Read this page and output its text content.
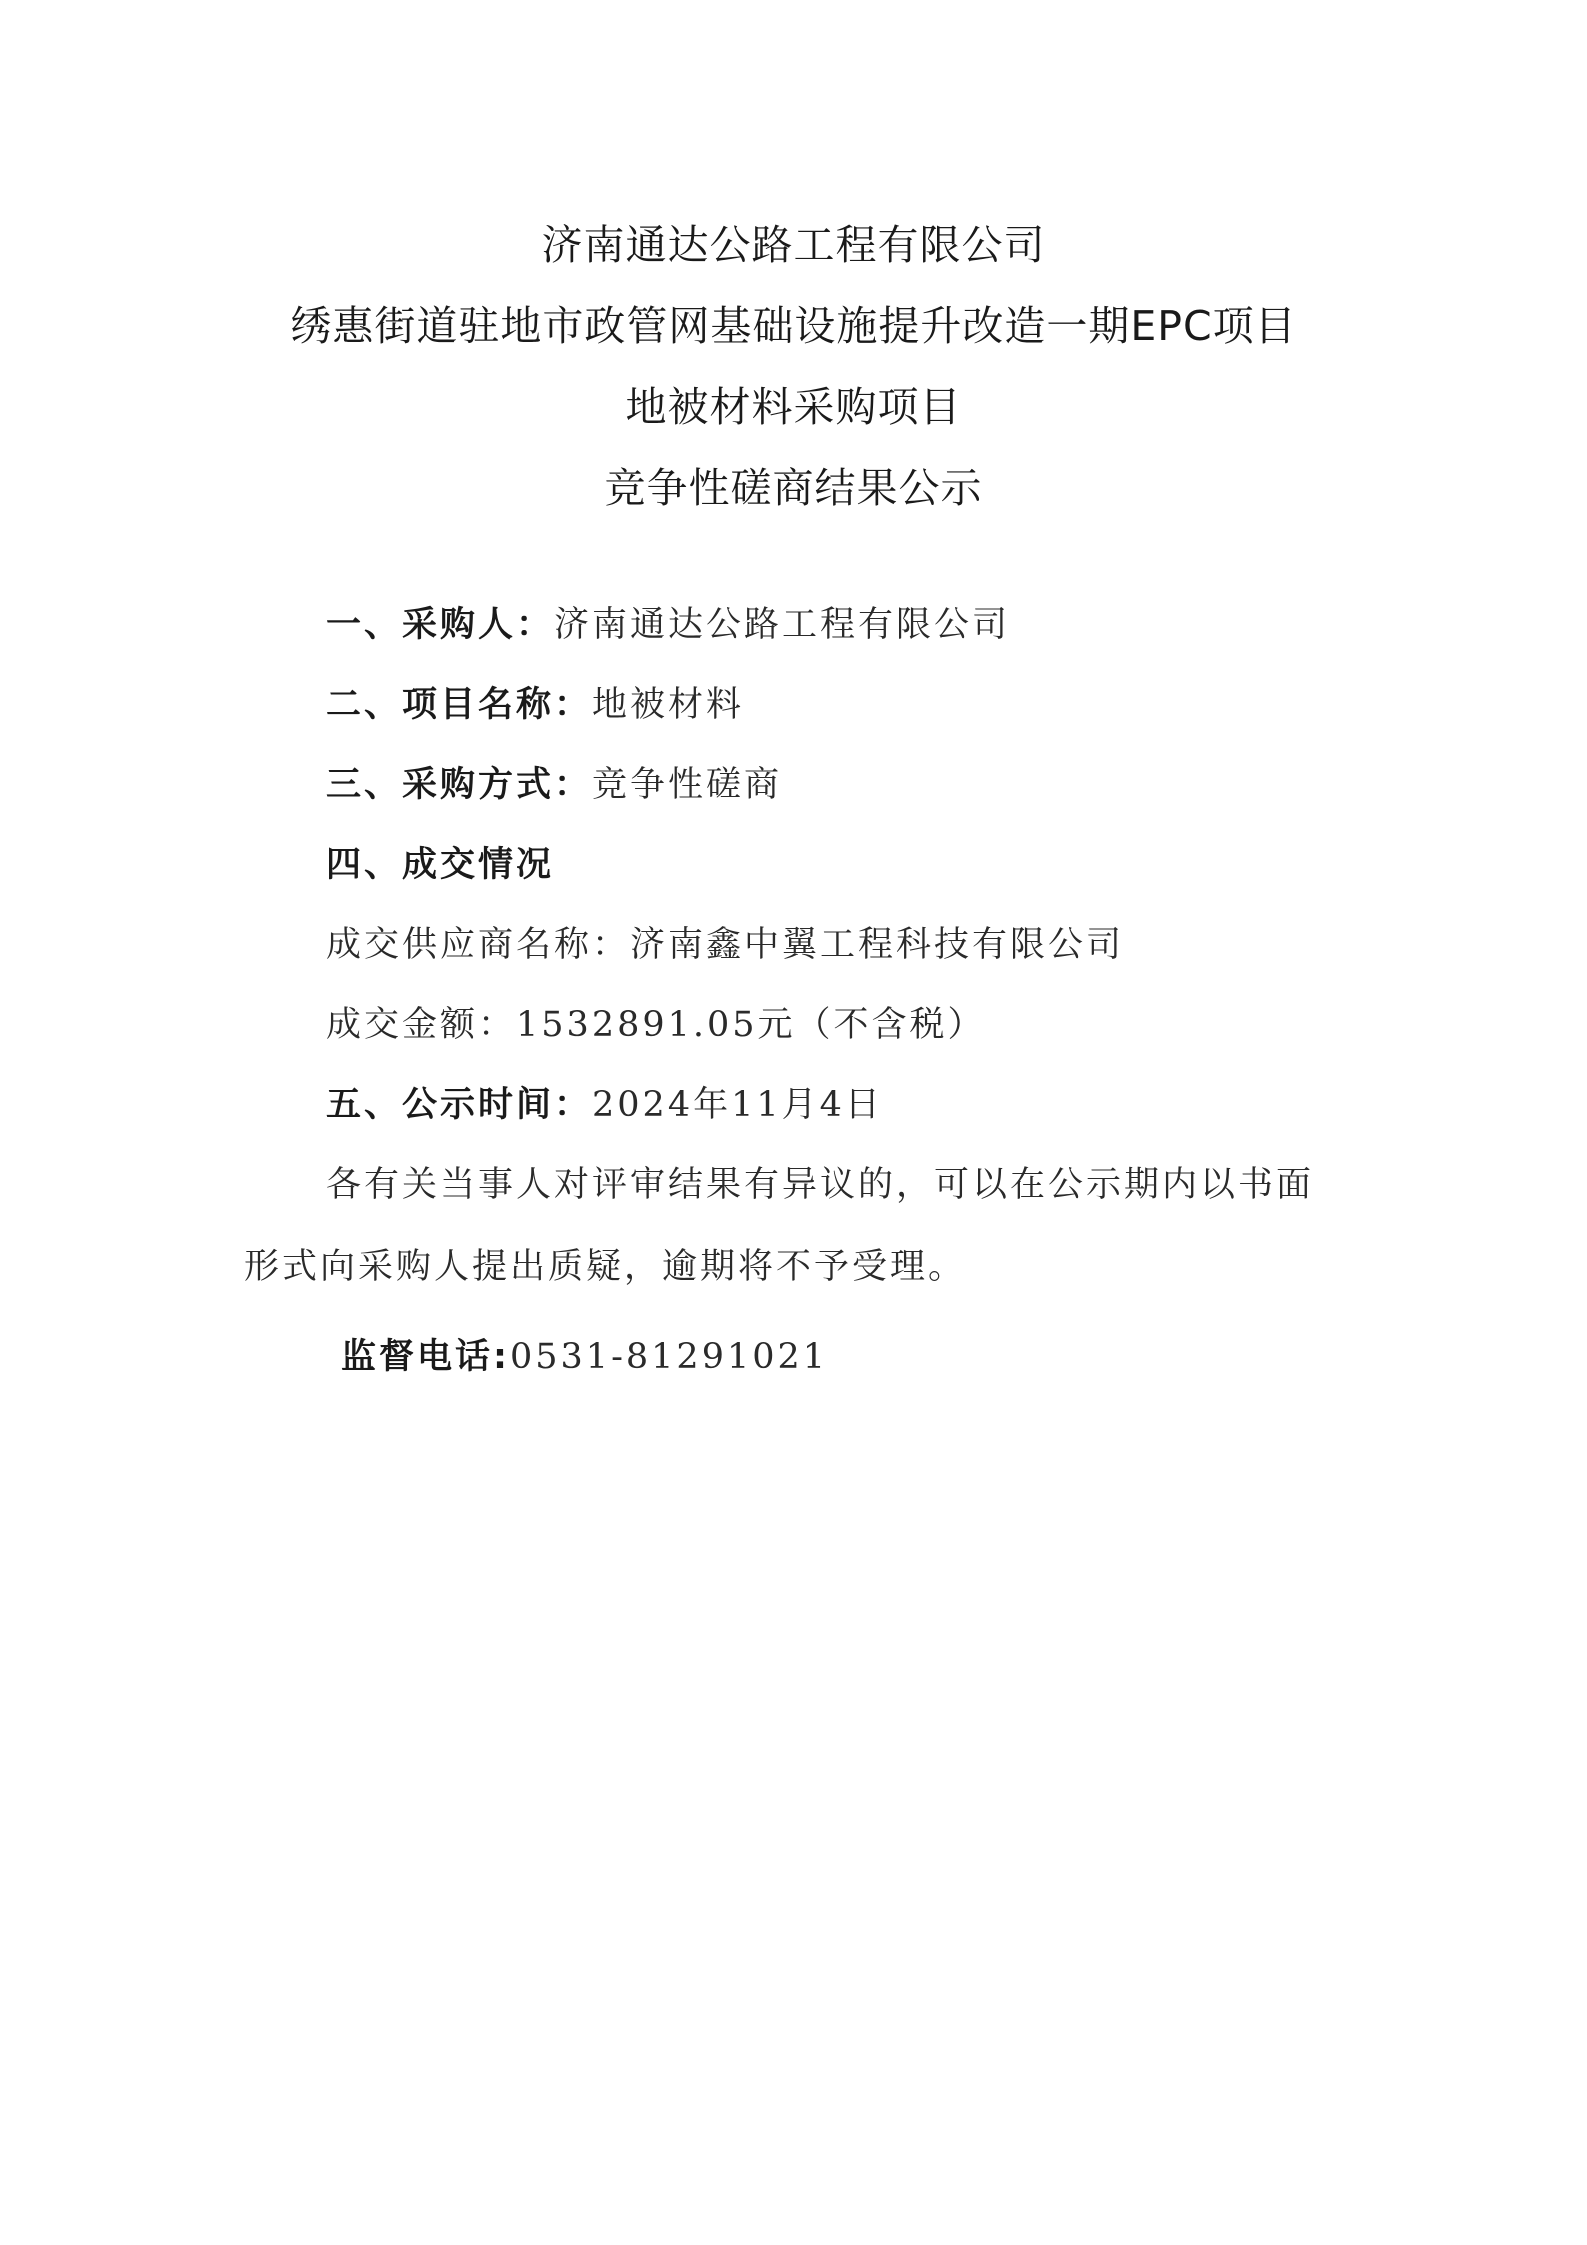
济南通达公路工程有限公司
绣惠街道驻地市政管网基础设施提升改造一期EPC项目
地被材料采购项目
竞争性磋商结果公示
一、采购人：济南通达公路工程有限公司
二、项目名称：地被材料
三、采购方式：竞争性磋商
四、成交情况
成交供应商名称：济南鑫中翼工程科技有限公司
成交金额：1532891.05元（不含税）
五、公示时间：2024年11月4日
各有关当事人对评审结果有异议的，可以在公示期内以书面
形式向采购人提出质疑，逾期将不予受理。
监督电话:0531-81291021
